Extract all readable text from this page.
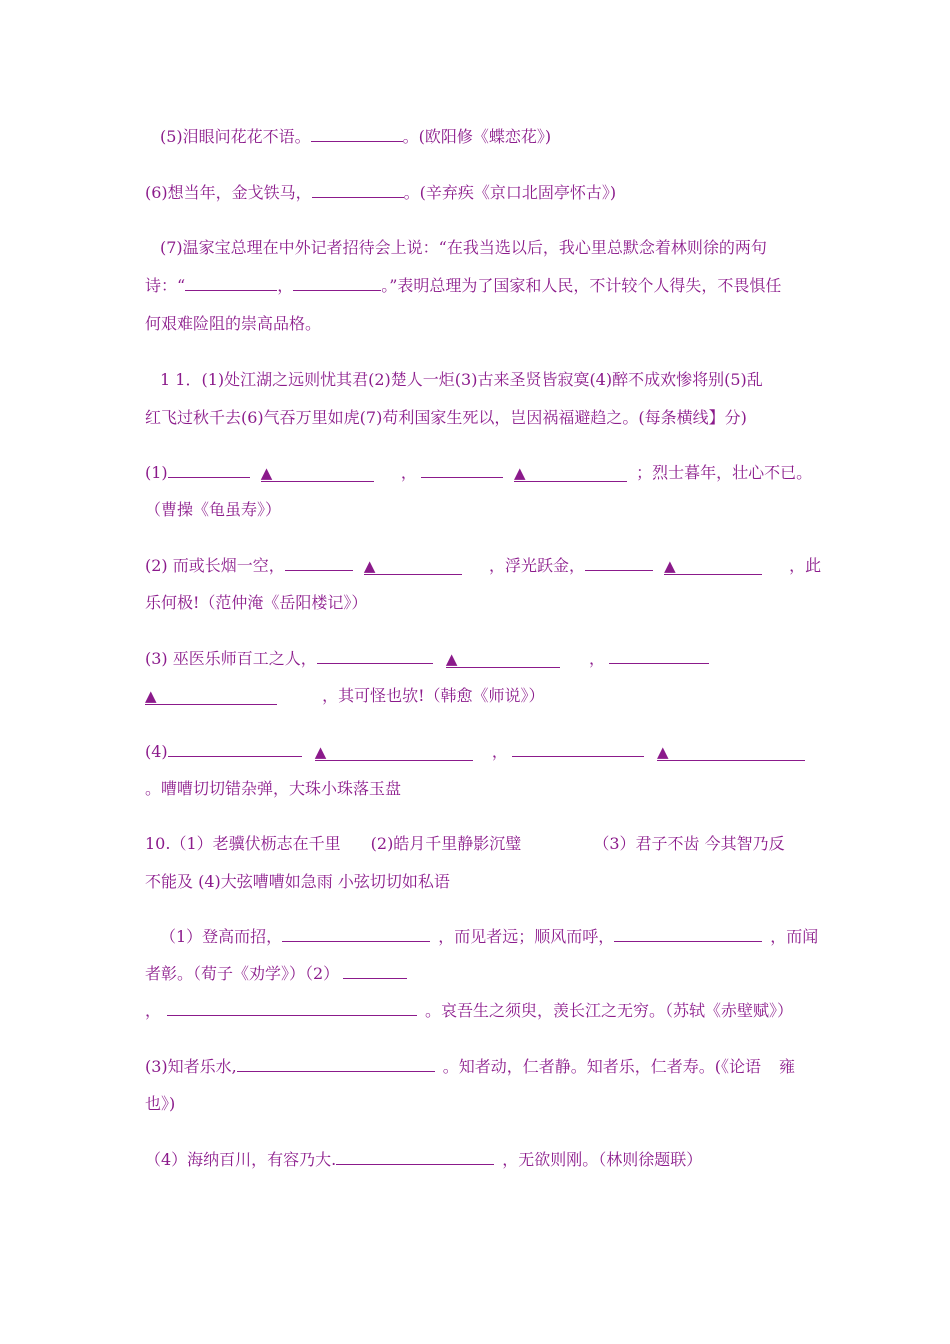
(5)泪眼问花花不语。	。(欧阳修《蝶恋花》)
(6)想当年，金戈铁马，	。(辛弃疾《京口北固亭怀古》)
(7)温家宝总理在中外记者招待会上说：“在我当选以后，我心里总默念着林则徐的两句
诗：“	，	。”表明总理为了国家和人民，不计较个人得失，不畏惧任
何艰难险阻的崇高品格。
1 1．(1)处江湖之远则忧其君(2)楚人一炬(3)古来圣贤皆寂寞(4)醉不成欢惨将别(5)乱
红飞过秋千去(6)气吞万里如虎(7)苟利国家生死以，岂因祸福避趋之。(每条横线】分)
(1)	▲	，	▲	；烈士暮年，壮心不已。
（曹操《龟虽寿》）
(2) 而或长烟一空，	▲	，浮光跃金，	▲	，此
乐何极!（范仲淹《岳阳楼记》）
(3) 巫医乐师百工之人，	▲	，
▲	，其可怪也欤!（韩愈《师说》）
(4)	▲	，	▲
。嘈嘈切切错杂弹，大珠小珠落玉盘
10.（1）老骥伏枥志在千里 (2)皓月千里静影沉璧	（3）君子不齿 今其智乃反
不能及 (4)大弦嘈嘈如急雨 小弦切切如私语
（1）登高而招，	，而见者远；顺风而呼，	，而闻
者彰。（荀子《劝学》）（2）
，	。哀吾生之须臾，羡长江之无穷。（苏轼《赤壁赋》）
(3)知者乐水,	。知者动，仁者静。知者乐，仁者寿。(《论语 雍
也》)
（4）海纳百川，有容乃大.	，无欲则刚。（林则徐题联）
